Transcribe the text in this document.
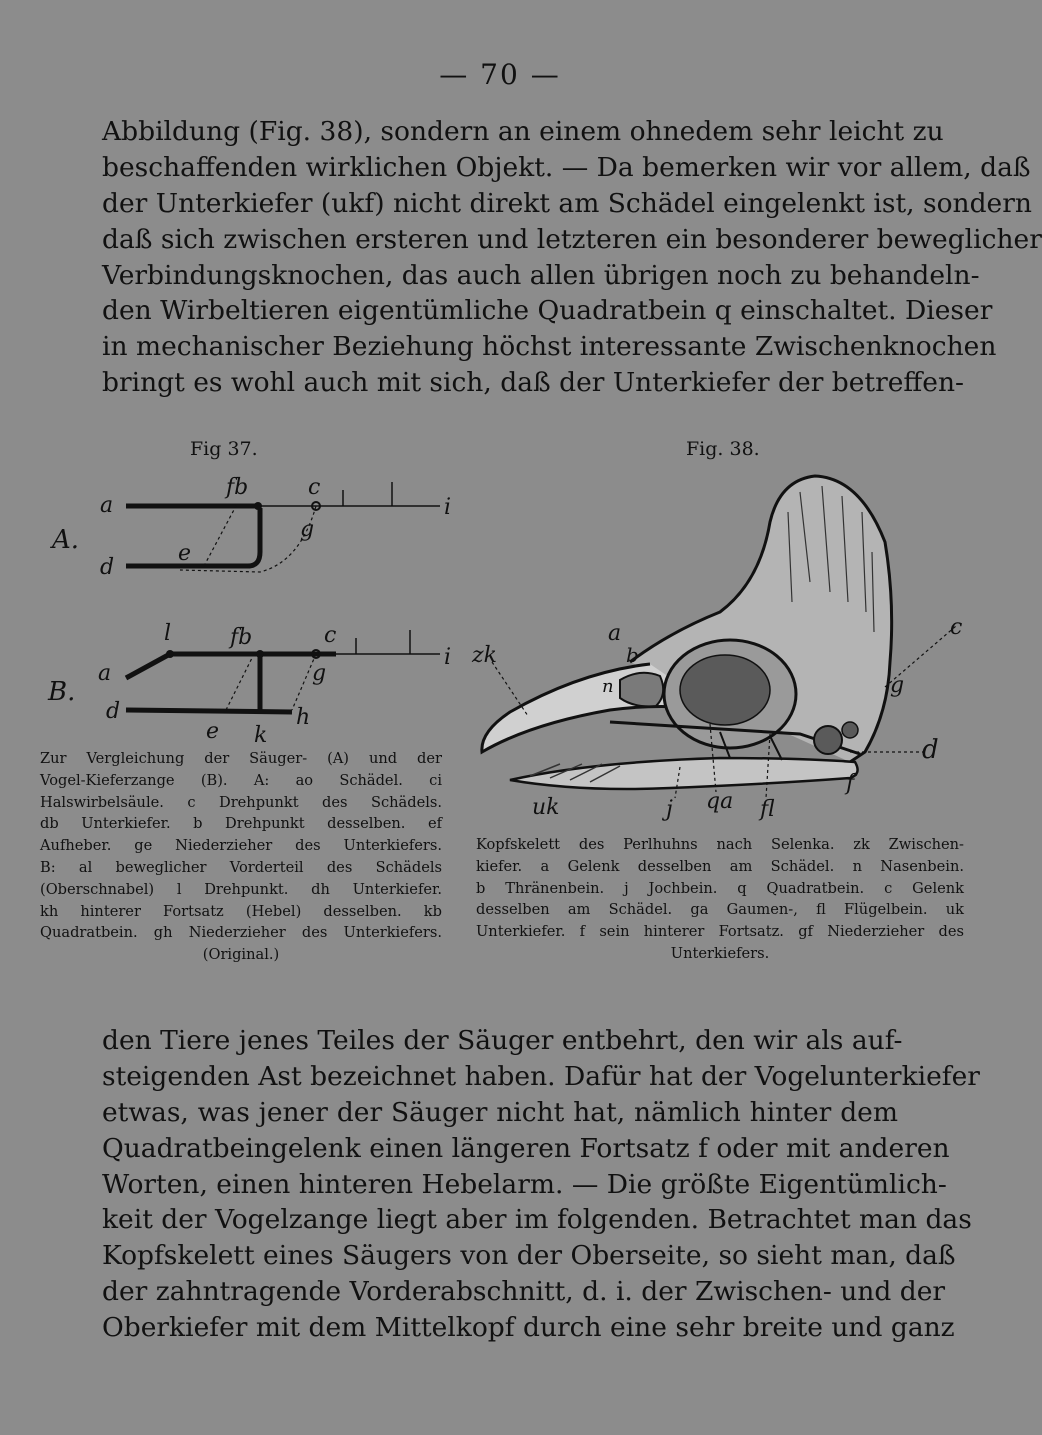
— 70 —
Abbildung (Fig. 38), sondern an einem ohnedem sehr leicht zu
beschaffenden wirklichen Objekt. — Da bemerken wir vor allem, daß
der Unterkiefer (ukf) nicht direkt am Schädel eingelenkt ist, sondern
daß sich zwischen ersteren und letzteren ein besonderer beweglicher
Verbindungsknochen, das auch allen übrigen noch zu behandeln-
den Wirbeltieren eigentümliche Quadratbein q einschaltet. Dieser
in mechanischer Beziehung höchst interessante Zwischenknochen
bringt es wohl auch mit sich, daß der Unterkiefer der betreffen-
Fig 37.	Fig. 38.
A.
a
d
fb	c
g
e
i
B.
l	fb	c
a	g
i
d	h
e k
zk
a
b
n
c
g
d
f
uk	j qa fl
Zur Vergleichung der Säuger- (A) und der
Vogel-Kieferzange (B). A: ao Schädel. ci
Halswirbelsäule. c Drehpunkt des Schädels.
db Unterkiefer. b Drehpunkt desselben. ef
Aufheber. ge Niederzieher des Unterkiefers.
B: al beweglicher Vorderteil des Schädels
(Oberschnabel) l Drehpunkt. dh Unterkiefer.
kh hinterer Fortsatz (Hebel) desselben. kb
Quadratbein. gh Niederzieher des Unterkiefers.
(Original.)
Kopfskelett des Perlhuhns nach Selenka. zk Zwischen-
kiefer. a Gelenk desselben am Schädel. n Nasenbein.
b Thränenbein. j Jochbein. q Quadratbein. c Gelenk
desselben am Schädel. ga Gaumen-, fl Flügelbein. uk
Unterkiefer. f sein hinterer Fortsatz. gf Niederzieher des
Unterkiefers.
den Tiere jenes Teiles der Säuger entbehrt, den wir als auf-
steigenden Ast bezeichnet haben. Dafür hat der Vogelunterkiefer
etwas, was jener der Säuger nicht hat, nämlich hinter dem
Quadratbeingelenk einen längeren Fortsatz f oder mit anderen
Worten, einen hinteren Hebelarm. — Die größte Eigentümlich-
keit der Vogelzange liegt aber im folgenden. Betrachtet man das
Kopfskelett eines Säugers von der Oberseite, so sieht man, daß
der zahntragende Vorderabschnitt, d. i. der Zwischen- und der
Oberkiefer mit dem Mittelkopf durch eine sehr breite und ganz
